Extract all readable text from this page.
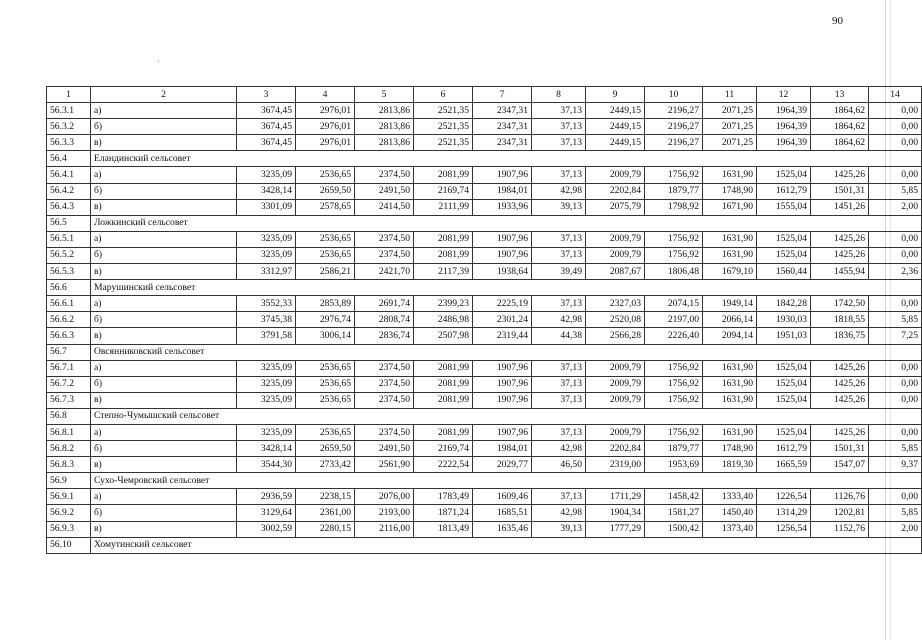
90
·
1	2	3	4	5	6	7	8	9	10	11	12	13	14
56.3.1	а)	3674,45	2976,01	2813,86	2521,35	2347,31	37,13	2449,15	2196,27	2071,25	1964,39	1864,62	0,00
56.3.2	б)	3674,45	2976,01	2813,86	2521,35	2347,31	37,13	2449,15	2196,27	2071,25	1964,39	1864,62	0,00
56.3.3	в)	3674,45	2976,01	2813,86	2521,35	2347,31	37,13	2449,15	2196,27	2071,25	1964,39	1864,62	0,00
56.4	Еландинский сельсовет												
56.4.1	а)	3235,09	2536,65	2374,50	2081,99	1907,96	37,13	2009,79	1756,92	1631,90	1525,04	1425,26	0,00
56.4.2	б)	3428,14	2659,50	2491,50	2169,74	1984,01	42,98	2202,84	1879,77	1748,90	1612,79	1501,31	5,85
56.4.3	в)	3301,09	2578,65	2414,50	2111,99	1933,96	39,13	2075,79	1798,92	1671,90	1555,04	1451,26	2,00
56.5	Ложкинский сельсовет												
56.5.1	а)	3235,09	2536,65	2374,50	2081,99	1907,96	37,13	2009,79	1756,92	1631,90	1525,04	1425,26	0,00
56.5.2	б)	3235,09	2536,65	2374,50	2081,99	1907,96	37,13	2009,79	1756,92	1631,90	1525,04	1425,26	0,00
56.5.3	в)	3312,97	2586,21	2421,70	2117,39	1938,64	39,49	2087,67	1806,48	1679,10	1560,44	1455,94	2,36
56.6	Марушинский сельсовет												
56.6.1	а)	3552,33	2853,89	2691,74	2399,23	2225,19	37,13	2327,03	2074,15	1949,14	1842,28	1742,50	0,00
56.6.2	б)	3745,38	2976,74	2808,74	2486,98	2301,24	42,98	2520,08	2197,00	2066,14	1930,03	1818,55	5,85
56.6.3	в)	3791,58	3006,14	2836,74	2507,98	2319,44	44,38	2566,28	2226,40	2094,14	1951,03	1836,75	7,25
56.7	Овсянниковский сельсовет												
56.7.1	а)	3235,09	2536,65	2374,50	2081,99	1907,96	37,13	2009,79	1756,92	1631,90	1525,04	1425,26	0,00
56.7.2	б)	3235,09	2536,65	2374,50	2081,99	1907,96	37,13	2009,79	1756,92	1631,90	1525,04	1425,26	0,00
56.7.3	в)	3235,09	2536,65	2374,50	2081,99	1907,96	37,13	2009,79	1756,92	1631,90	1525,04	1425,26	0,00
56.8	Степно-Чумышский сельсовет												
56.8.1	а)	3235,09	2536,65	2374,50	2081,99	1907,96	37,13	2009,79	1756,92	1631,90	1525,04	1425,26	0,00
56.8.2	б)	3428,14	2659,50	2491,50	2169,74	1984,01	42,98	2202,84	1879,77	1748,90	1612,79	1501,31	5,85
56.8.3	в)	3544,30	2733,42	2561,90	2222,54	2029,77	46,50	2319,00	1953,69	1819,30	1665,59	1547,07	9,37
56.9	Сухо-Чемровский сельсовет												
56.9.1	а)	2936,59	2238,15	2076,00	1783,49	1609,46	37,13	1711,29	1458,42	1333,40	1226,54	1126,76	0,00
56.9.2	б)	3129,64	2361,00	2193,00	1871,24	1685,51	42,98	1904,34	1581,27	1450,40	1314,29	1202,81	5,85
56.9.3	в)	3002,59	2280,15	2116,00	1813,49	1635,46	39,13	1777,29	1500,42	1373,40	1256,54	1152,76	2,00
56.10	Хомутинский сельсовет												
